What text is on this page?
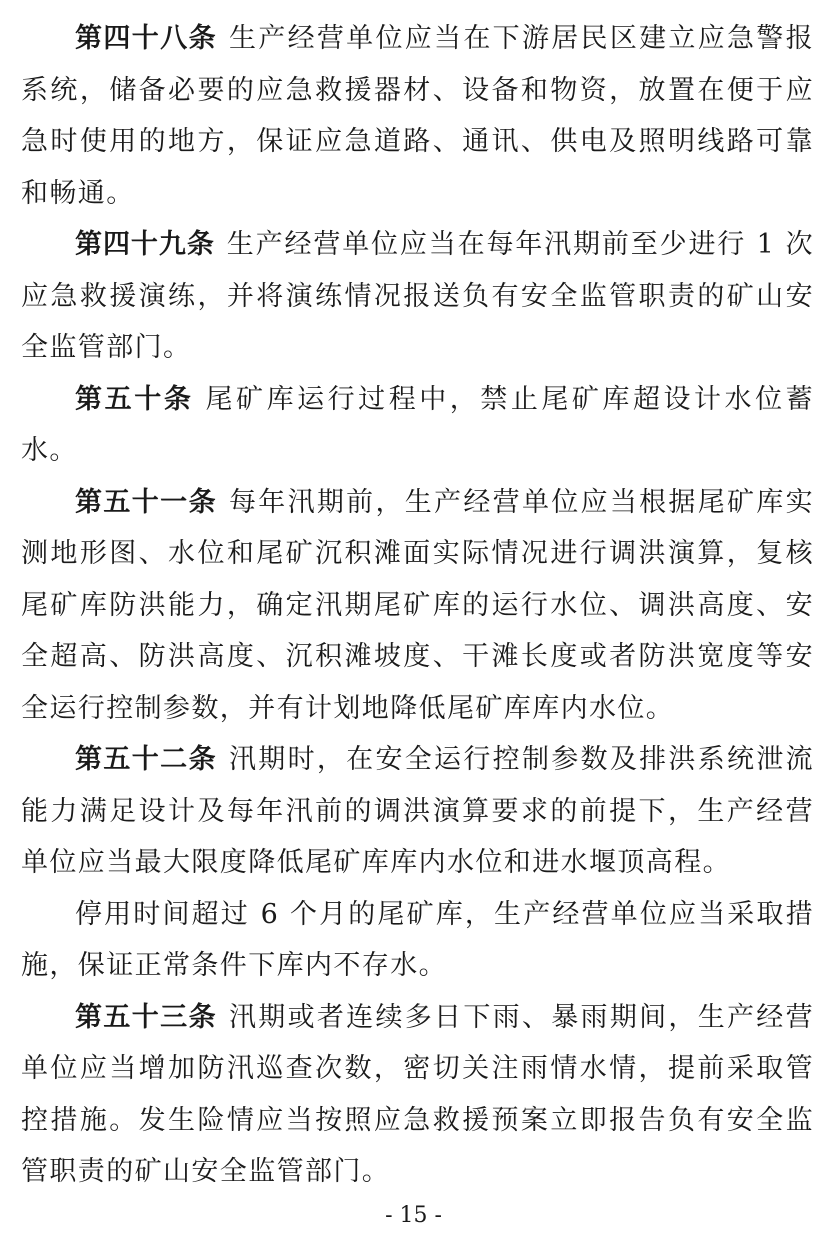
第四十八条 生产经营单位应当在下游居民区建立应急警报系统，储备必要的应急救援器材、设备和物资，放置在便于应急时使用的地方，保证应急道路、通讯、供电及照明线路可靠和畅通。

第四十九条 生产经营单位应当在每年汛期前至少进行 1 次应急救援演练，并将演练情况报送负有安全监管职责的矿山安全监管部门。

第五十条 尾矿库运行过程中，禁止尾矿库超设计水位蓄水。

第五十一条 每年汛期前，生产经营单位应当根据尾矿库实测地形图、水位和尾矿沉积滩面实际情况进行调洪演算，复核尾矿库防洪能力，确定汛期尾矿库的运行水位、调洪高度、安全超高、防洪高度、沉积滩坡度、干滩长度或者防洪宽度等安全运行控制参数，并有计划地降低尾矿库库内水位。

第五十二条 汛期时，在安全运行控制参数及排洪系统泄流能力满足设计及每年汛前的调洪演算要求的前提下，生产经营单位应当最大限度降低尾矿库库内水位和进水堰顶高程。

停用时间超过 6 个月的尾矿库，生产经营单位应当采取措施，保证正常条件下库内不存水。

第五十三条 汛期或者连续多日下雨、暴雨期间，生产经营单位应当增加防汛巡查次数，密切关注雨情水情，提前采取管控措施。发生险情应当按照应急救援预案立即报告负有安全监管职责的矿山安全监管部门。

- 15 -
